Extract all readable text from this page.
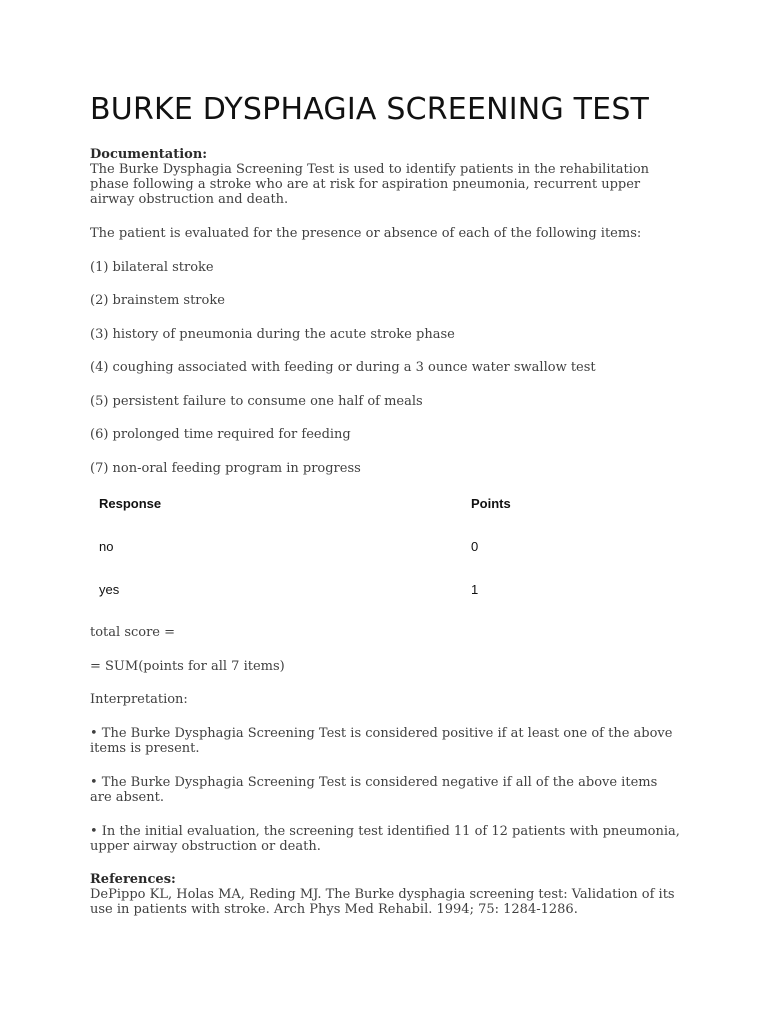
BURKE DYSPHAGIA SCREENING TEST
Documentation:
The Burke Dysphagia Screening Test is used to identify patients in the rehabilitation phase following a stroke who are at risk for aspiration pneumonia, recurrent upper airway obstruction and death.

The patient is evaluated for the presence or absence of each of the following items:

(1) bilateral stroke

(2) brainstem stroke

(3) history of pneumonia during the acute stroke phase

(4) coughing associated with feeding or during a 3 ounce water swallow test

(5) persistent failure to consume one half of meals

(6) prolonged time required for feeding

(7) non-oral feeding program in progress

Response	Points
no	0
yes	1

total score =

= SUM(points for all 7 items)

Interpretation:

• The Burke Dysphagia Screening Test is considered positive if at least one of the above items is present.

• The Burke Dysphagia Screening Test is considered negative if all of the above items are absent.

• In the initial evaluation, the screening test identified 11 of 12 patients with pneumonia, upper airway obstruction or death.

References:
DePippo KL, Holas MA, Reding MJ. The Burke dysphagia screening test: Validation of its use in patients with stroke. Arch Phys Med Rehabil. 1994; 75: 1284-1286.
